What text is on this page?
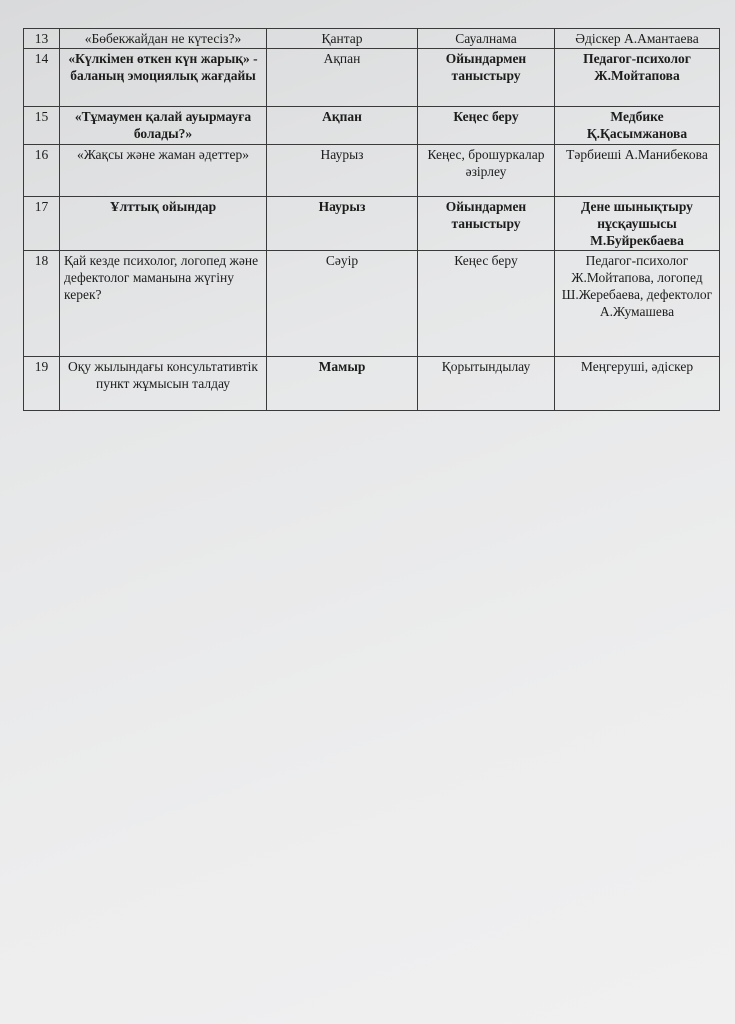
13	«Бөбекжайдан не күтесіз?»	Қантар	Сауалнама	Әдіскер А.Амантаева
14	«Күлкімен өткен күн жарық» - баланың эмоциялық жағдайы	Ақпан	Ойындармен таныстыру	Педагог-психолог Ж.Мойтапова
15	«Тұмаумен қалай ауырмауға болады?»	Ақпан	Кеңес беру	Медбике Қ.Қасымжанова
16	«Жақсы және жаман әдеттер»	Наурыз	Кеңес, брошуркалар әзірлеу	Тәрбиеші А.Манибекова
17	Ұлттық ойындар	Наурыз	Ойындармен таныстыру	Дене шынықтыру нұсқаушысы М.Буйрекбаева
18	Қай кезде психолог, логопед және дефектолог маманына жүгіну керек?	Сәуір	Кеңес беру	Педагог-психолог Ж.Мойтапова, логопед Ш.Жеребаева, дефектолог А.Жумашева
19	Оқу жылындағы консультативтік пункт жұмысын талдау	Мамыр	Қорытындылау	Меңгеруші, әдіскер
